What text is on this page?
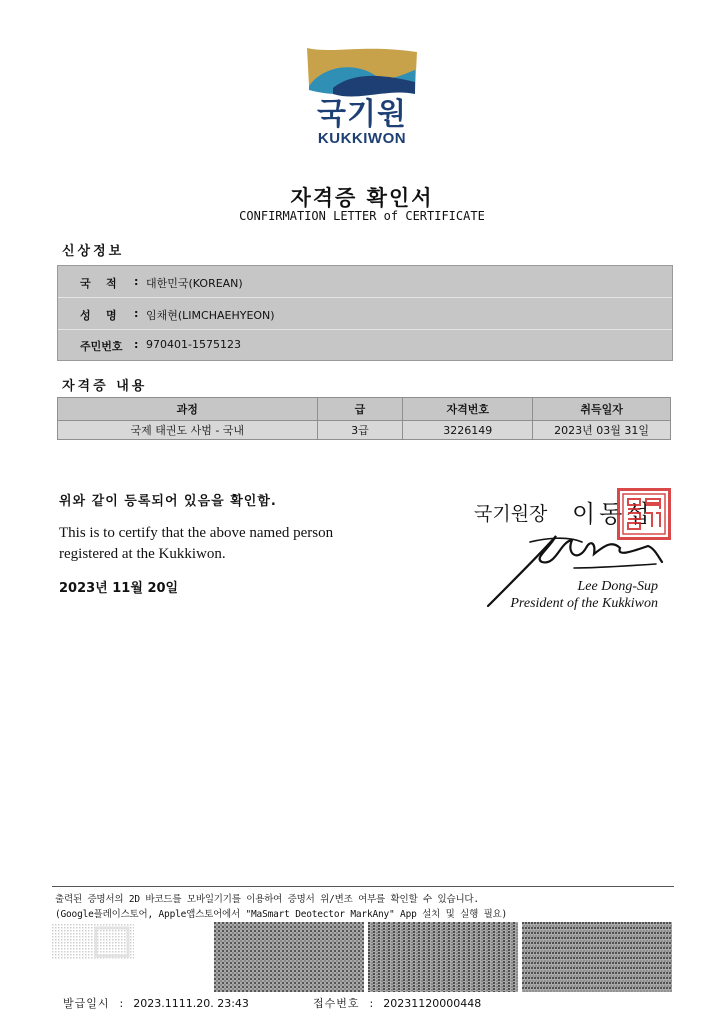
국기원
KUKKIWON
자격증 확인서
CONFIRMATION LETTER of CERTIFICATE
신상정보
국    적	: 대한민국(KOREAN)
성    명	: 임채현(LIMCHAEHYEON)
주민번호	: 970401-1575123
자격증 내용
과정	급	자격번호	취득일자
국제 태권도 사범 - 국내	3급	3226149	2023년 03월 31일
위와 같이 등록되어 있음을 확인함.
This is to certify that the above named person registered at the Kukkiwon.
2023년 11월 20일
국기원장 이동섭
Lee Dong-Sup
President of the Kukkiwon
출력된 증명서의 2D 바코드를 모바일기기를 이용하여 증명서 위/변조 여부를 확인할 수 있습니다.
(Google플레이스토어, Apple앱스토어에서 "MaSmart Deotector MarkAny" App 설치 및 실행 필요)
발급일시 : 2023.1111.20. 23:43	접수번호 : 20231120000448
